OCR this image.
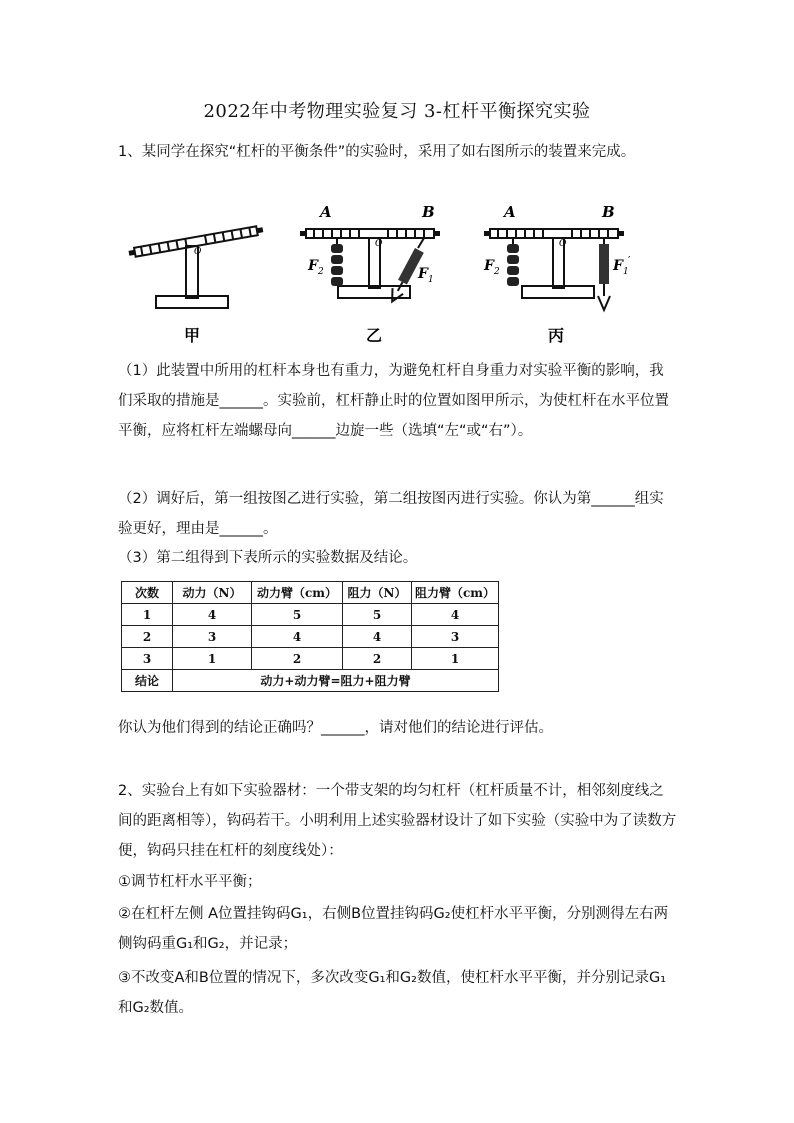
2022年中考物理实验复习 3-杠杆平衡探究实验
1、某同学在探究“杠杆的平衡条件”的实验时，采用了如右图所示的装置来完成。
O
甲
A	B
O
F 2	F 1
乙
A	B
O
F 2	F 1
′
丙
（1）此装置中所用的杠杆本身也有重力，为避免杠杆自身重力对实验平衡的影响，我们采取的措施是______。实验前，杠杆静止时的位置如图甲所示，为使杠杆在水平位置平衡，应将杠杆左端螺母向______边旋一些（选填“左“或“右”）。
（2）调好后，第一组按图乙进行实验，第二组按图丙进行实验。你认为第______组实验更好，理由是______。
（3）第二组得到下表所示的实验数据及结论。
次数	动力（N）	动力臂（cm）	阻力（N）	阻力臂（cm）
1	4	5	5	4
2	3	4	4	3
3	1	2	2	1
结论	动力+动力臂=阻力+阻力臂			
你认为他们得到的结论正确吗？______，请对他们的结论进行评估。
2、实验台上有如下实验器材：一个带支架的均匀杠杆（杠杆质量不计，相邻刻度线之间的距离相等），钩码若干。小明利用上述实验器材设计了如下实验（实验中为了读数方便，钩码只挂在杠杆的刻度线处）：
①调节杠杆水平平衡；
②在杠杆左侧 A位置挂钩码G₁，右侧B位置挂钩码G₂使杠杆水平平衡，分别测得左右两侧钩码重G₁和G₂，并记录；
③不改变A和B位置的情况下，多次改变G₁和G₂数值，使杠杆水平平衡，并分别记录G₁和G₂数值。
